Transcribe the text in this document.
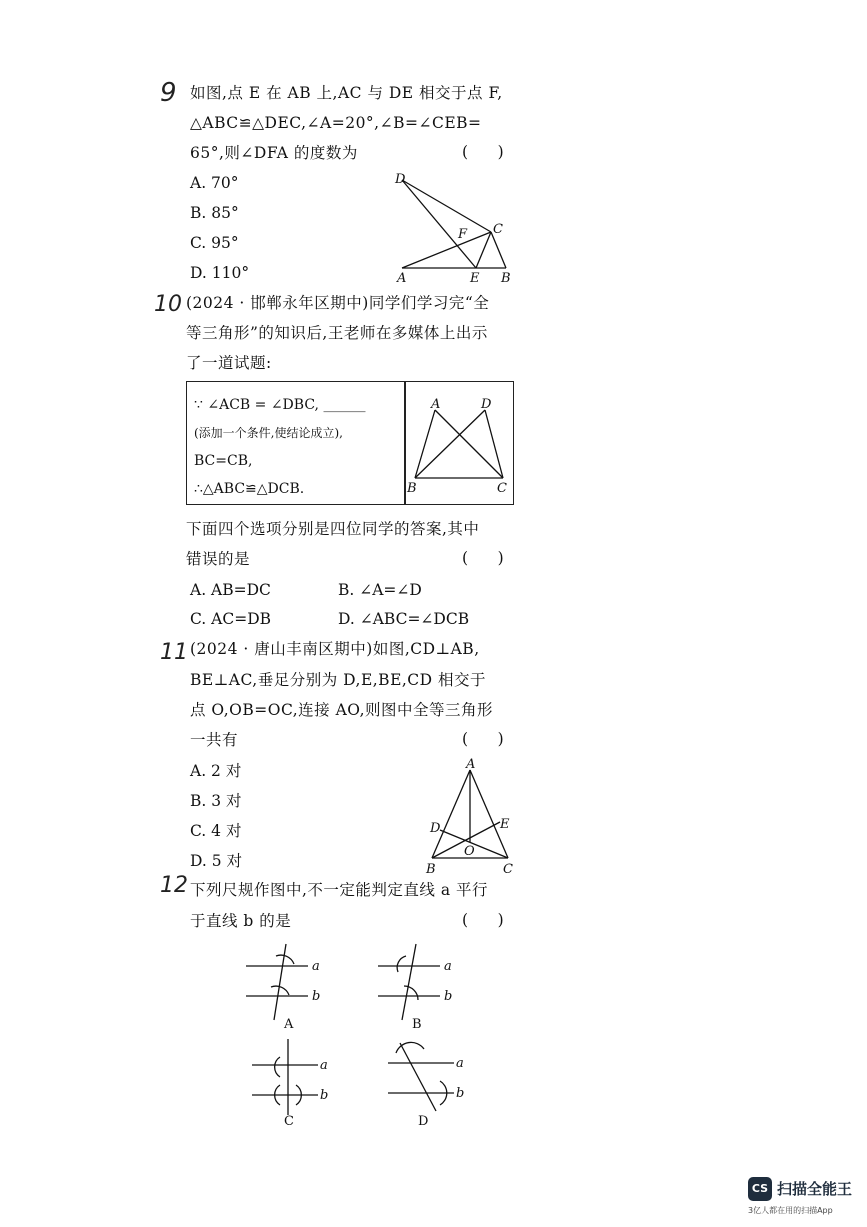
9 如图,点 E 在 AB 上,AC 与 DE 相交于点 F,
△ABC≌△DEC,∠A=20°,∠B=∠CEB=
65°,则∠DFA 的度数为	(      )
A. 70°
B. 85°
C. 95°
D. 110°
D
F C
A	E B
10 (2024 · 邯郸永年区期中)同学们学习完“全
等三角形”的知识后,王老师在多媒体上出示
了一道试题:
∵ ∠ACB = ∠DBC, ______
(添加一个条件,使结论成立),
BC=CB,
∴△ABC≌△DCB.
A	D
B	C
下面四个选项分别是四位同学的答案,其中
错误的是	(      )
A. AB=DC	B. ∠A=∠D
C. AC=DB	D. ∠ABC=∠DCB
11 (2024 · 唐山丰南区期中)如图,CD⊥AB,
BE⊥AC,垂足分别为 D,E,BE,CD 相交于
点 O,OB=OC,连接 AO,则图中全等三角形
一共有	(      )
A. 2 对
B. 3 对
C. 4 对
D. 5 对
A
D	E
O
B	C
12 下列尺规作图中,不一定能判定直线 a 平行
于直线 b 的是	(      )
a
b
A
a
b
B
a
b
C
a
b
D
CS 扫描全能王
3亿人都在用的扫描App
